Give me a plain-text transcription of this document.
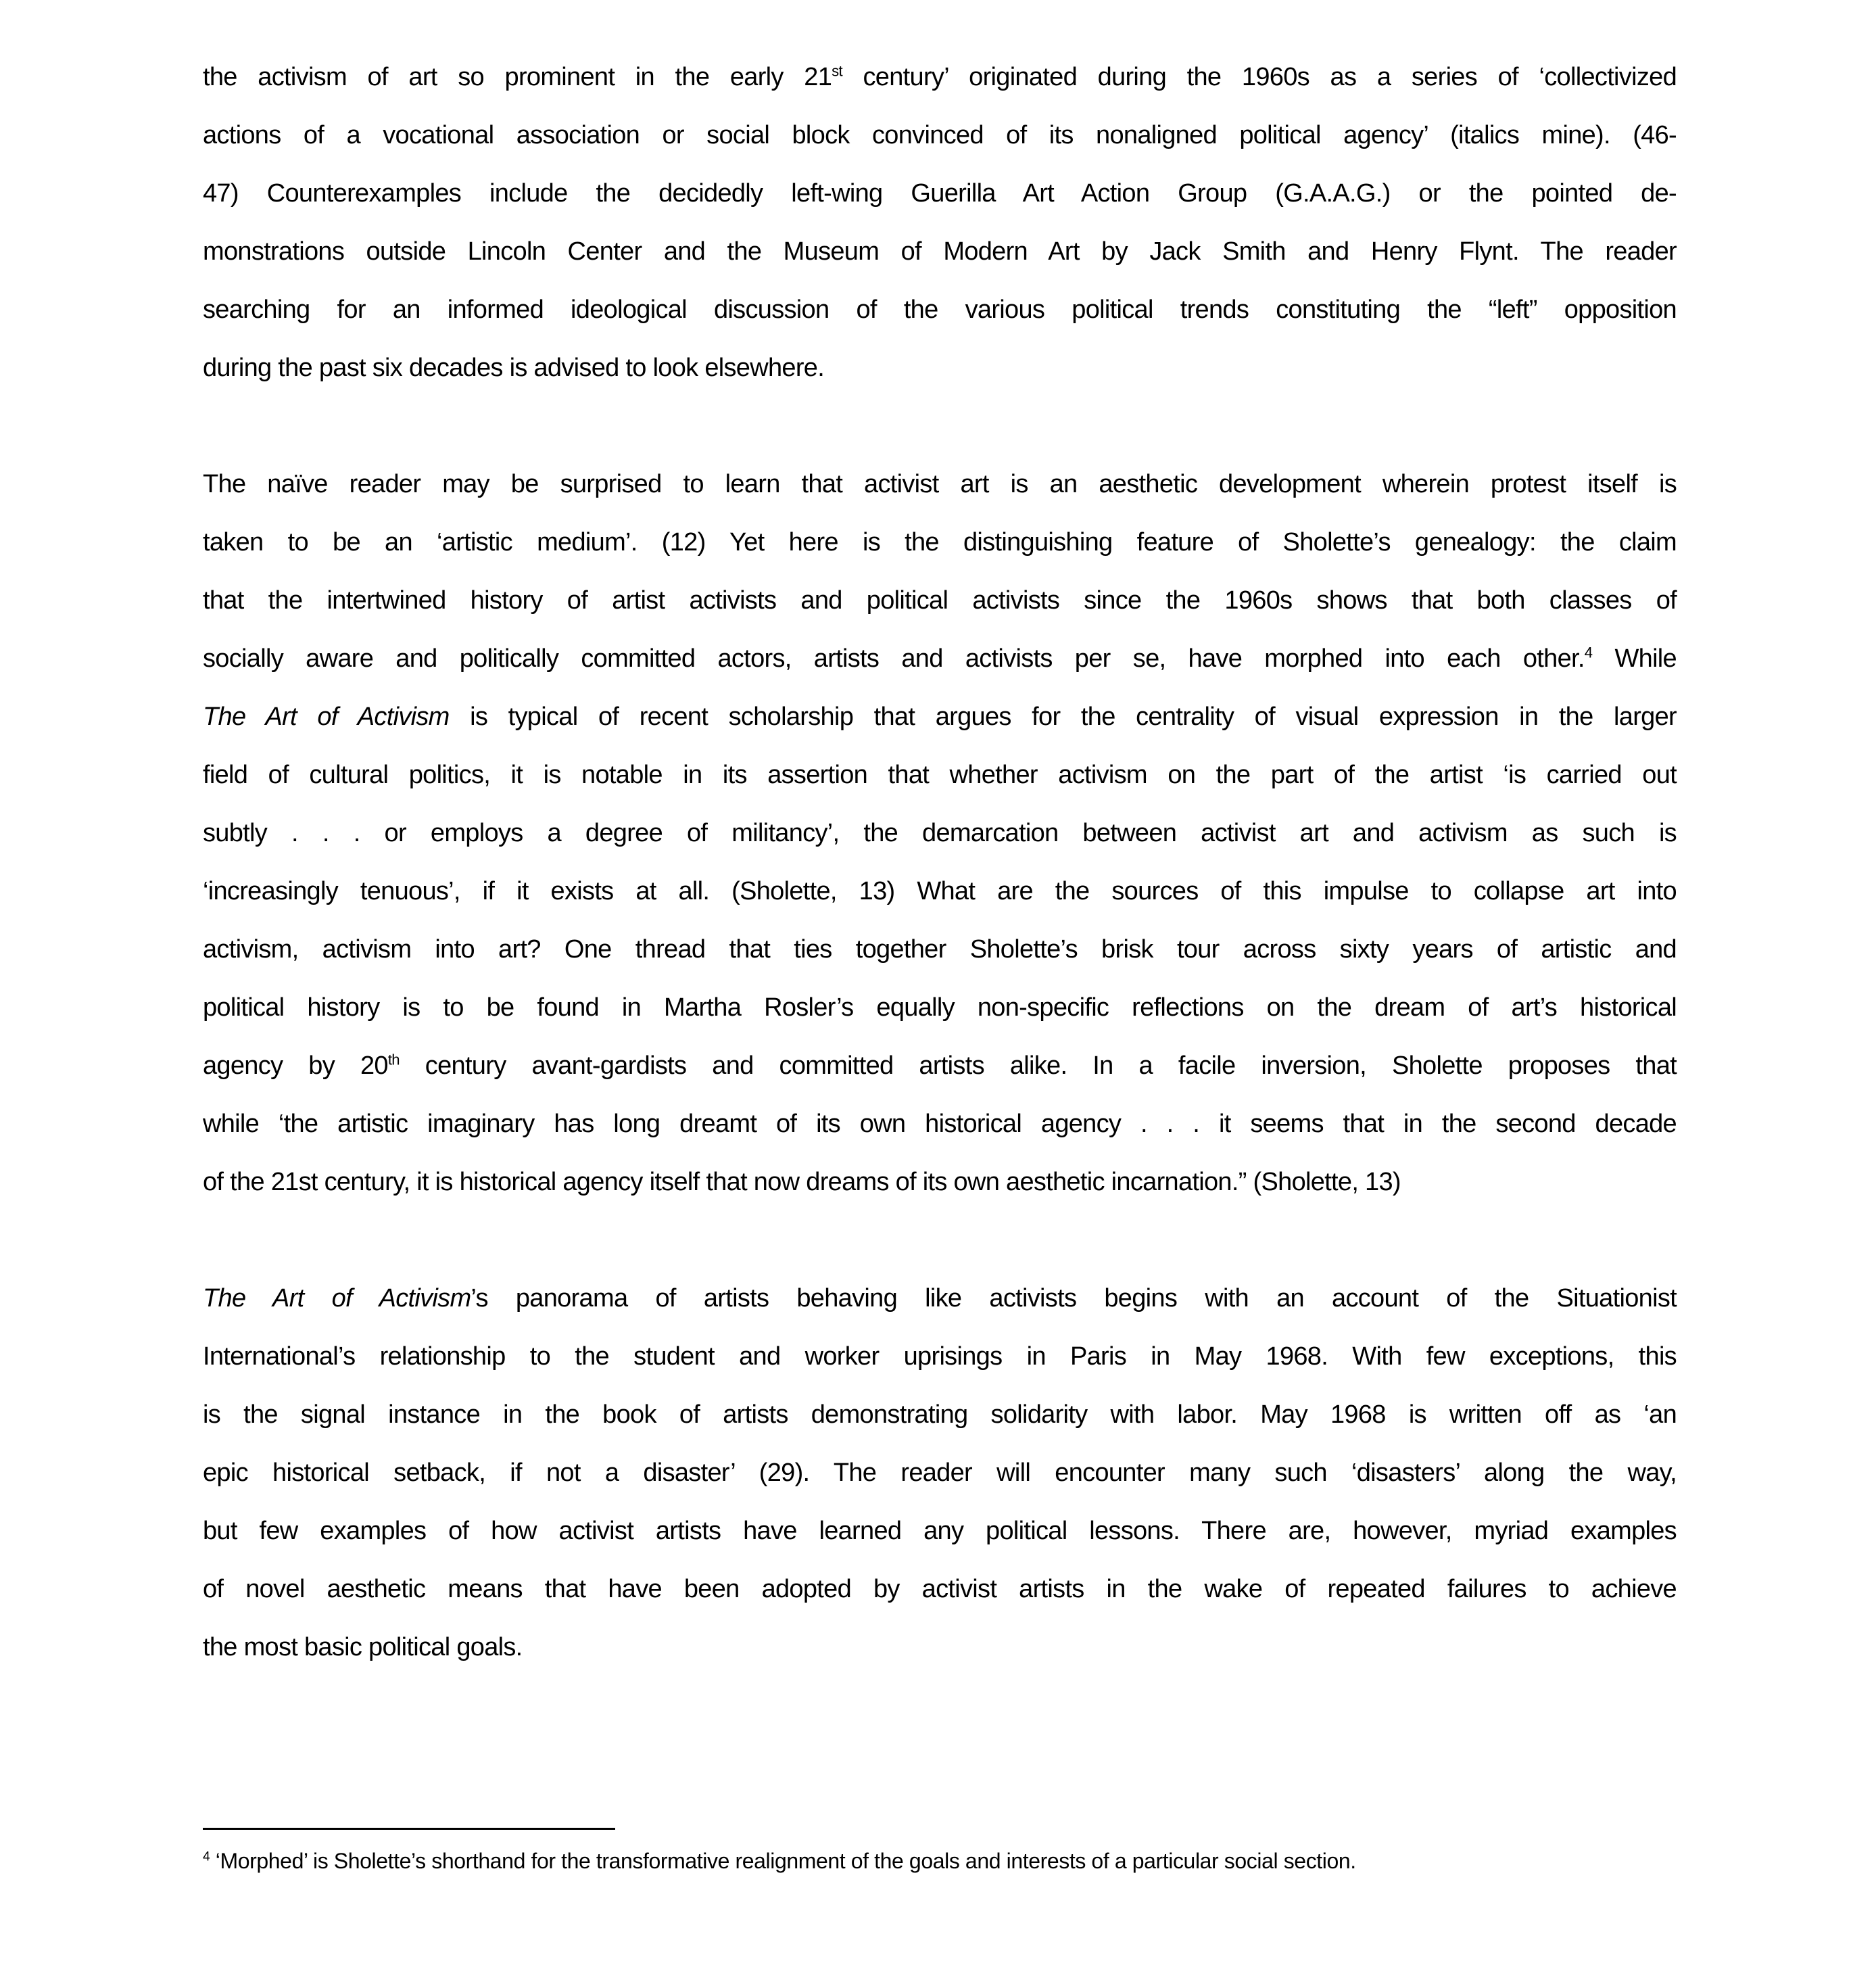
the activism of art so prominent in the early 21st century’ originated during the 1960s as a series of ‘collectivized
actions of a vocational association or social block convinced of its nonaligned political agency’ (italics mine). (46-
47) Counterexamples include the decidedly left-wing Guerilla Art Action Group (G.A.A.G.) or the pointed de-
monstrations outside Lincoln Center and the Museum of Modern Art by Jack Smith and Henry Flynt. The reader
searching for an informed ideological discussion of the various political trends constituting the “left” opposition
during the past six decades is advised to look elsewhere.
The naïve reader may be surprised to learn that activist art is an aesthetic development wherein protest itself is
taken to be an ‘artistic medium’. (12) Yet here is the distinguishing feature of Sholette’s genealogy: the claim
that the intertwined history of artist activists and political activists since the 1960s shows that both classes of
socially aware and politically committed actors, artists and activists per se, have morphed into each other.$^4$ While
The Art of Activism is typical of recent scholarship that argues for the centrality of visual expression in the larger
field of cultural politics, it is notable in its assertion that whether activism on the part of the artist ‘is carried out
subtly . . . or employs a degree of militancy’, the demarcation between activist art and activism as such is
‘increasingly tenuous’, if it exists at all. (Sholette, 13) What are the sources of this impulse to collapse art into
activism, activism into art? One thread that ties together Sholette’s brisk tour across sixty years of artistic and
political history is to be found in Martha Rosler’s equally non-specific reflections on the dream of art’s historical
agency by 20th century avant-gardists and committed artists alike. In a facile inversion, Sholette proposes that
while ‘the artistic imaginary has long dreamt of its own historical agency . . . it seems that in the second decade
of the 21st century, it is historical agency itself that now dreams of its own aesthetic incarnation.” (Sholette, 13)
The Art of Activism’s panorama of artists behaving like activists begins with an account of the Situationist
International’s relationship to the student and worker uprisings in Paris in May 1968. With few exceptions, this
is the signal instance in the book of artists demonstrating solidarity with labor. May 1968 is written off as ‘an
epic historical setback, if not a disaster’ (29). The reader will encounter many such ‘disasters’ along the way,
but few examples of how activist artists have learned any political lessons. There are, however, myriad examples
of novel aesthetic means that have been adopted by activist artists in the wake of repeated failures to achieve
the most basic political goals.

$^4$ ‘Morphed’ is Sholette’s shorthand for the transformative realignment of the goals and interests of a particular social section.
